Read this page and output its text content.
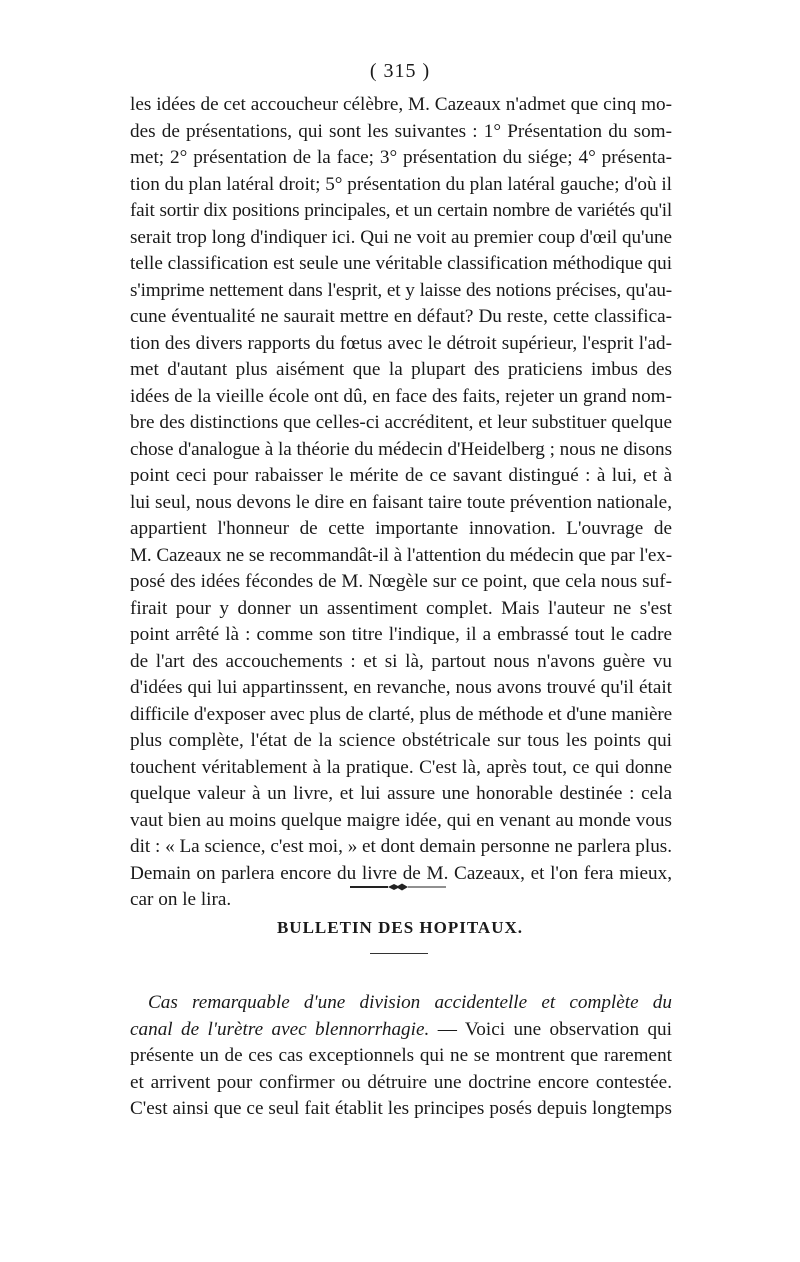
( 315 )
les idées de cet accoucheur célèbre, M. Cazeaux n'admet que cinq mo-
des de présentations, qui sont les suivantes : 1° Présentation du som-
met; 2° présentation de la face; 3° présentation du siége; 4° présenta-
tion du plan latéral droit; 5° présentation du plan latéral gauche; d'où il
fait sortir dix positions principales, et un certain nombre de variétés qu'il
serait trop long d'indiquer ici. Qui ne voit au premier coup d'œil qu'une
telle classification est seule une véritable classification méthodique qui
s'imprime nettement dans l'esprit, et y laisse des notions précises, qu'au-
cune éventualité ne saurait mettre en défaut? Du reste, cette classifica-
tion des divers rapports du fœtus avec le détroit supérieur, l'esprit l'ad-
met d'autant plus aisément que la plupart des praticiens imbus des
idées de la vieille école ont dû, en face des faits, rejeter un grand nom-
bre des distinctions que celles-ci accréditent, et leur substituer quelque
chose d'analogue à la théorie du médecin d'Heidelberg ; nous ne disons
point ceci pour rabaisser le mérite de ce savant distingué : à lui, et à
lui seul, nous devons le dire en faisant taire toute prévention nationale,
appartient l'honneur de cette importante innovation. L'ouvrage de
M. Cazeaux ne se recommandât-il à l'attention du médecin que par l'ex-
posé des idées fécondes de M. Nœgèle sur ce point, que cela nous suf-
firait pour y donner un assentiment complet. Mais l'auteur ne s'est
point arrêté là : comme son titre l'indique, il a embrassé tout le cadre
de l'art des accouchements : et si là, partout nous n'avons guère vu
d'idées qui lui appartinssent, en revanche, nous avons trouvé qu'il était
difficile d'exposer avec plus de clarté, plus de méthode et d'une manière
plus complète, l'état de la science obstétricale sur tous les points qui
touchent véritablement à la pratique. C'est là, après tout, ce qui donne
quelque valeur à un livre, et lui assure une honorable destinée : cela
vaut bien au moins quelque maigre idée, qui en venant au monde vous
dit : « La science, c'est moi, » et dont demain personne ne parlera plus.
Demain on parlera encore du livre de M. Cazeaux, et l'on fera mieux,
car on le lira.
BULLETIN DES HOPITAUX.
Cas remarquable d'une division accidentelle et complète du
canal de l'urètre avec blennorrhagie. — Voici une observation qui
présente un de ces cas exceptionnels qui ne se montrent que rarement
et arrivent pour confirmer ou détruire une doctrine encore contestée.
C'est ainsi que ce seul fait établit les principes posés depuis longtemps
